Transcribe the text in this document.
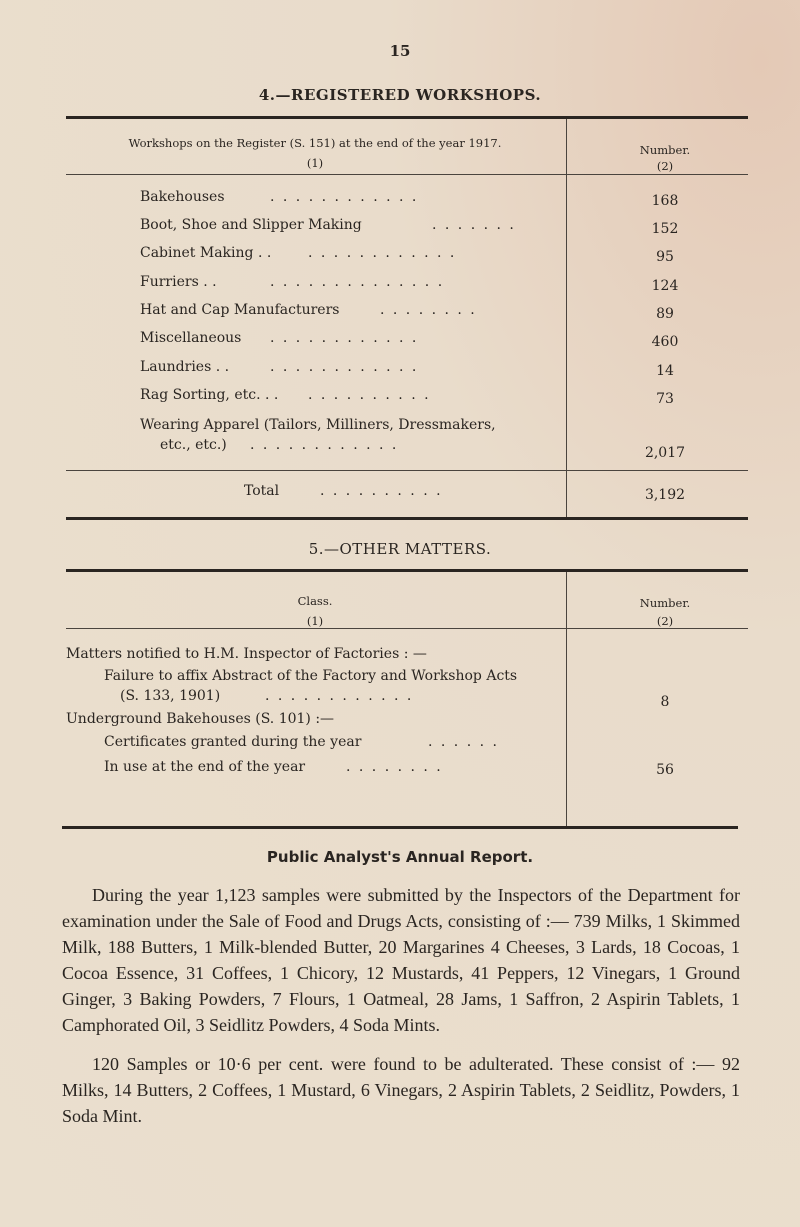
15
4.—REGISTERED WORKSHOPS.
Workshops on the Register (S. 151) at the end of the year 1917.
(1)
Number.
(2)
Bakehouses	. . . . . . . . . . . .	168
Boot, Shoe and Slipper Making	. . . . . . .	152
Cabinet Making . .	. . . . . . . . . . . .	95
Furriers . .	. . . . . . . . . . . . . .	124
Hat and Cap Manufacturers	. . . . . . . .	89
Miscellaneous . . . . . . . . . . . .	460
Laundries . .	. . . . . . . . . . . .	14
Rag Sorting, etc. . . . . . . . . . . . .	73
Wearing Apparel (Tailors, Milliners, Dressmakers,
etc., etc.) . . . . . . . . . . . .	2,017
Total	. . . . . . . . . .	3,192
5.—OTHER MATTERS.
Class.
(1)
Number.
(2)
Matters notified to H.M. Inspector of Factories : —
Failure to affix Abstract of the Factory and Workshop Acts
(S. 133, 1901)	. . . . . . . . . . . .	8
Underground Bakehouses (S. 101) :—
Certificates granted during the year	. . . . . .
In use at the end of the year	. . . . . . . .	56
Public Analyst's Annual Report.
During the year 1,123 samples were submitted by the Inspectors of the Department for examination under the Sale of Food and Drugs Acts, consisting of :— 739 Milks, 1 Skimmed Milk, 188 Butters, 1 Milk-blended Butter, 20 Margarines 4 Cheeses, 3 Lards, 18 Cocoas, 1 Cocoa Essence, 31 Coffees, 1 Chicory, 12 Mustards, 41 Peppers, 12 Vinegars, 1 Ground Ginger, 3 Baking Powders, 7 Flours, 1 Oatmeal, 28 Jams, 1 Saffron, 2 Aspirin Tablets, 1 Camphorated Oil, 3 Seidlitz Powders, 4 Soda Mints.
120 Samples or 10·6 per cent. were found to be adulterated. These consist of :— 92 Milks, 14 Butters, 2 Coffees, 1 Mustard, 6 Vinegars, 2 Aspirin Tablets, 2 Seidlitz, Powders, 1 Soda Mint.
